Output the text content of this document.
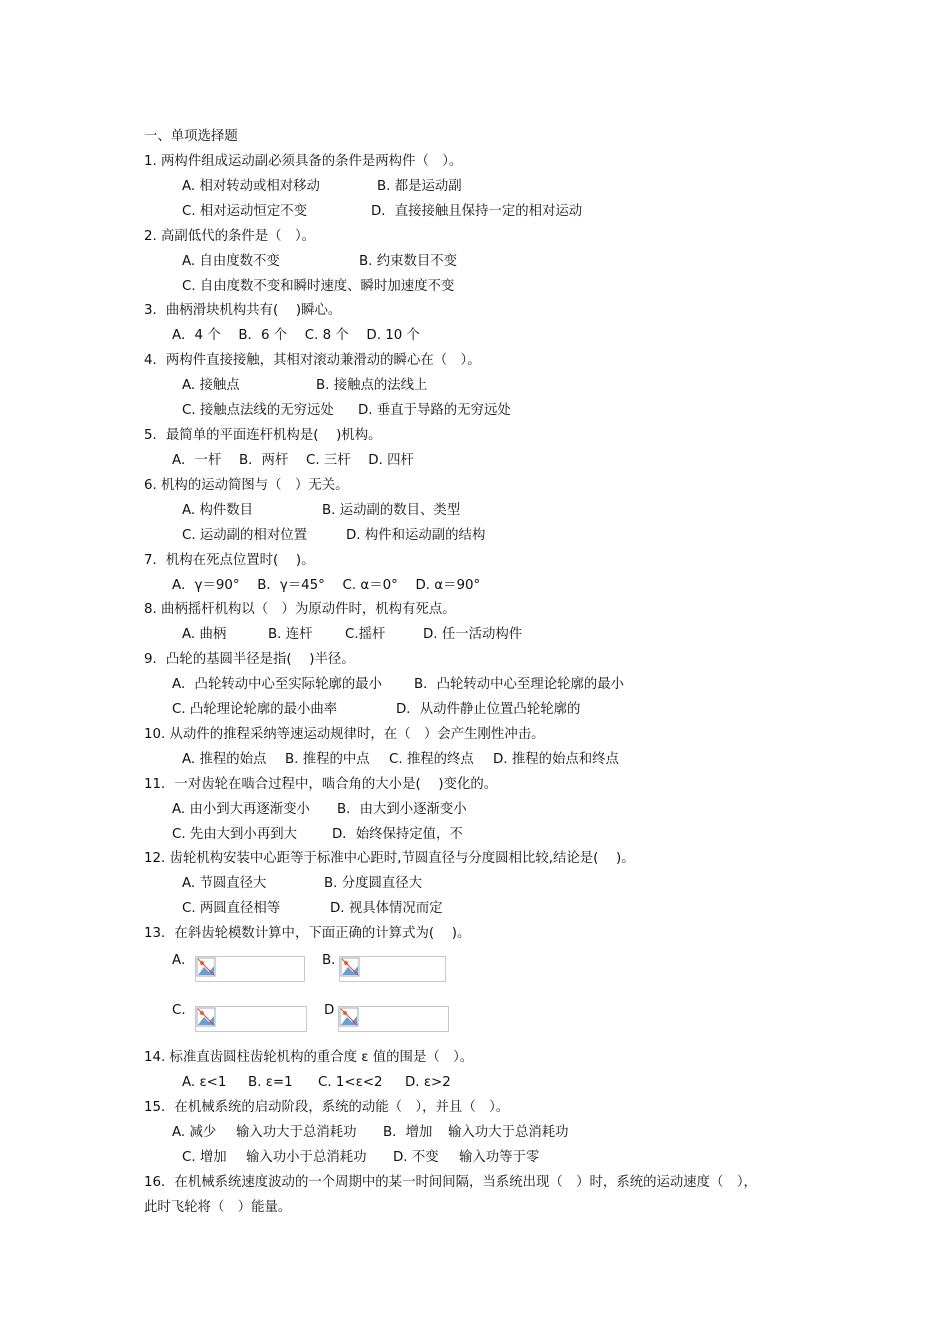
一、单项选择题
1. 两构件组成运动副必须具备的条件是两构件（　）。
A. 相对转动或相对移动	B. 都是运动副
C. 相对运动恒定不变	D．直接接触且保持一定的相对运动
2. 高副低代的条件是（　）。
A. 自由度数不变	B. 约束数目不变
C. 自由度数不变和瞬时速度、瞬时加速度不变
3．曲柄滑块机构共有(　 )瞬心。
A．4 个　 B．6 个　 C. 8 个　 D. 10 个
4．两构件直接接触，其相对滚动兼滑动的瞬心在（　）。
A. 接触点	B. 接触点的法线上
C. 接触点法线的无穷远处 D. 垂直于导路的无穷远处
5．最简单的平面连杆机构是(　 )机构。
A．一杆　 B．两杆　 C. 三杆　 D. 四杆
6. 机构的运动简图与（　）无关。
A. 构件数目	B. 运动副的数目、类型
C. 运动副的相对位置	D. 构件和运动副的结构
7．机构在死点位置时(　 )。
A．γ＝90°　 B．γ＝45°　 C. α＝0°　 D. α＝90°
8. 曲柄摇杆机构以（　）为原动件时，机构有死点。
A. 曲柄	B. 连杆 C.摇杆	D. 任一活动构件
9．凸轮的基圆半径是指(　 )半径。
A．凸轮转动中心至实际轮廓的最小 B．凸轮转动中心至理论轮廓的最小
C. 凸轮理论轮廓的最小曲率	D．从动件静止位置凸轮轮廓的
10. 从动件的推程采纳等速运动规律时，在（　）会产生刚性冲击。
A. 推程的始点 B. 推程的中点 C. 推程的终点 D. 推程的始点和终点
11．一对齿轮在啮合过程中，啮合角的大小是(　 )变化的。
A. 由小到大再逐渐变小 B．由大到小逐渐变小
C. 先由大到小再到大	D．始终保持定值，不
12. 齿轮机构安装中心距等于标准中心距时,节圆直径与分度圆相比较,结论是(　 )。
A. 节圆直径大	B. 分度圆直径大
C. 两圆直径相等	D. 视具体情况而定
13．在斜齿轮模数计算中，下面正确的计算式为(　 )。
A．	B.
C.	D
14. 标准直齿圆柱齿轮机构的重合度 ε 值的围是（　）。
A. ε<1 B. ε=1 C. 1<ε<2 D. ε>2
15．在机械系统的启动阶段，系统的动能（　），并且（　）。
A. 减少 输入功大于总消耗功 B．增加 输入功大于总消耗功
C. 增加 输入功小于总消耗功 D. 不变 输入功等于零
16．在机械系统速度波动的一个周期中的某一时间间隔，当系统出现（　）时，系统的运动速度（　），
此时飞轮将（　）能量。
